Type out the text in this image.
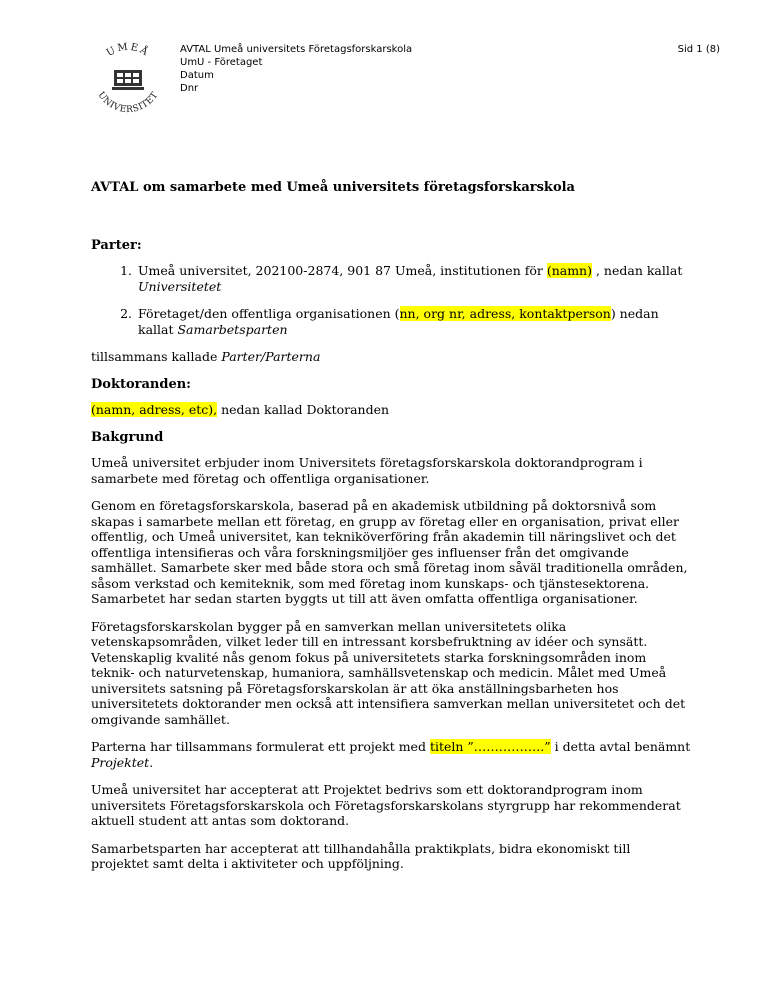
UMEÅ
UNIVERSITET
AVTAL Umeå universitets Företagsforskarskola
UmU - Företaget
Datum
Dnr
Sid 1 (8)
AVTAL om samarbete med Umeå universitets företagsforskarskola
Parter:
1. Umeå universitet, 202100-2874, 901 87 Umeå, institutionen för (namn) , nedan kallat Universitetet
2. Företaget/den offentliga organisationen (nn, org nr, adress, kontaktperson) nedan kallat Samarbetsparten

tillsammans kallade Parter/Parterna

Doktoranden:

(namn, adress, etc), nedan kallad Doktoranden

Bakgrund

Umeå universitet erbjuder inom Universitets företagsforskarskola doktorandprogram i samarbete med företag och offentliga organisationer.

Genom en företagsforskarskola, baserad på en akademisk utbildning på doktorsnivå som skapas i samarbete mellan ett företag, en grupp av företag eller en organisation, privat eller offentlig, och Umeå universitet, kan tekniköverföring från akademin till näringslivet och det offentliga intensifieras och våra forskningsmiljöer ges influenser från det omgivande samhället. Samarbete sker med både stora och små företag inom såväl traditionella områden, såsom verkstad och kemiteknik, som med företag inom kunskaps- och tjänstesektorena. Samarbetet har sedan starten byggts ut till att även omfatta offentliga organisationer.

Företagsforskarskolan bygger på en samverkan mellan universitetets olika vetenskapsområden, vilket leder till en intressant korsbefruktning av idéer och synsätt. Vetenskaplig kvalité nås genom fokus på universitetets starka forskningsområden inom teknik- och naturvetenskap, humaniora, samhällsvetenskap och medicin. Målet med Umeå universitets satsning på Företagsforskarskolan är att öka anställningsbarheten hos universitetets doktorander men också att intensifiera samverkan mellan universitetet och det omgivande samhället.

Parterna har tillsammans formulerat ett projekt med titeln ”……………..” i detta avtal benämnt Projektet.

Umeå universitet har accepterat att Projektet bedrivs som ett doktorandprogram inom universitets Företagsforskarskola och Företagsforskarskolans styrgrupp har rekommenderat aktuell student att antas som doktorand.

Samarbetsparten har accepterat att tillhandahålla praktikplats, bidra ekonomiskt till projektet samt delta i aktiviteter och uppföljning.
